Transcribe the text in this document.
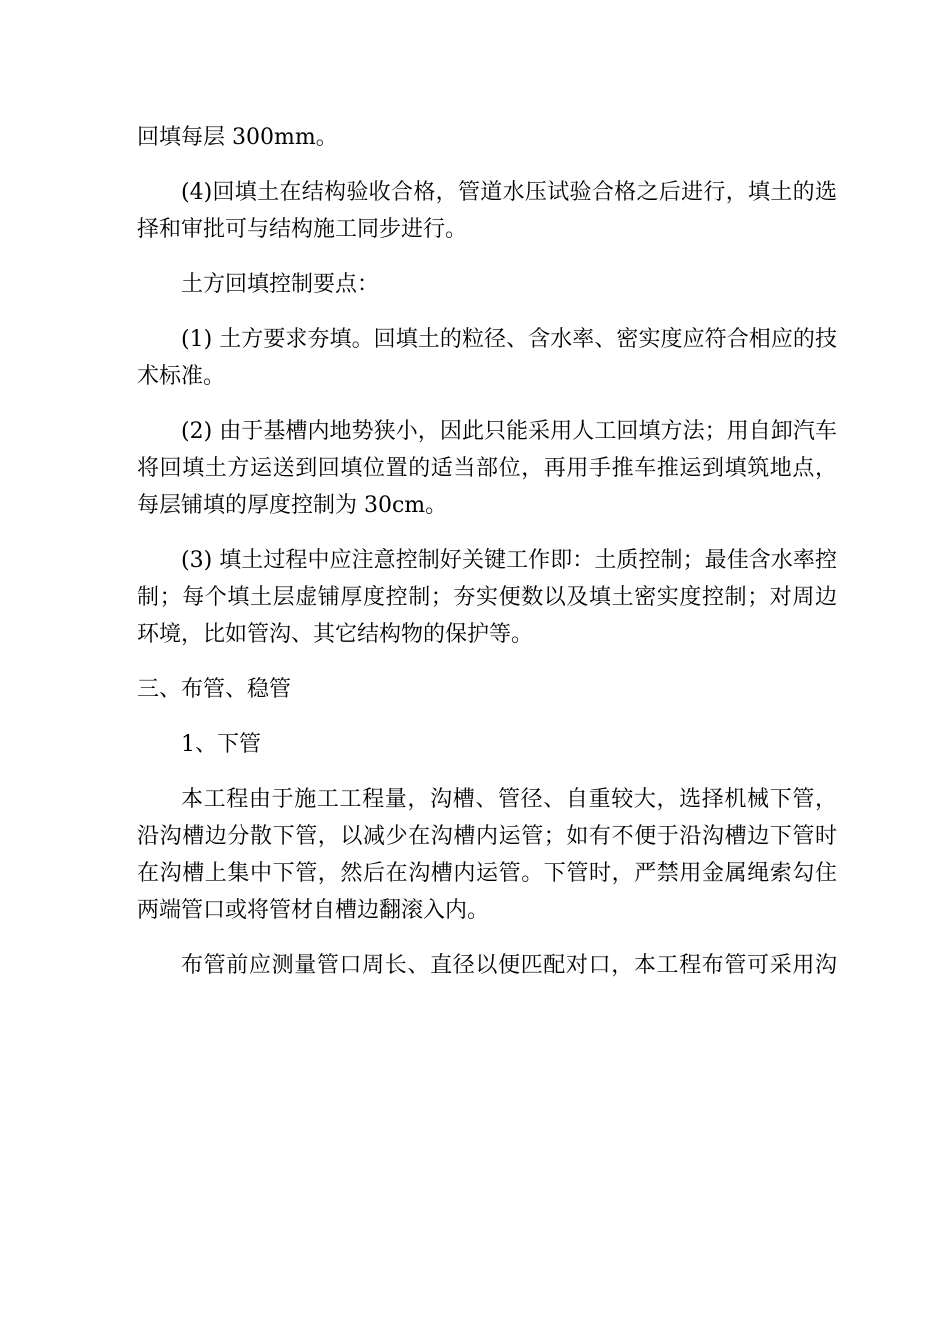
回填每层 300mm。
(4)回填土在结构验收合格，管道水压试验合格之后进行，填土的选
择和审批可与结构施工同步进行。
土方回填控制要点：
(1) 土方要求夯填。回填土的粒径、含水率、密实度应符合相应的技
术标准。
(2) 由于基槽内地势狭小，因此只能采用人工回填方法；用自卸汽车
将回填土方运送到回填位置的适当部位，再用手推车推运到填筑地点，
每层铺填的厚度控制为 30cm。
(3) 填土过程中应注意控制好关键工作即：土质控制；最佳含水率控
制；每个填土层虚铺厚度控制；夯实便数以及填土密实度控制；对周边
环境，比如管沟、其它结构物的保护等。
三、布管、稳管
1、下管
本工程由于施工工程量，沟槽、管径、自重较大，选择机械下管，
沿沟槽边分散下管，以减少在沟槽内运管；如有不便于沿沟槽边下管时
在沟槽上集中下管，然后在沟槽内运管。下管时，严禁用金属绳索勾住
两端管口或将管材自槽边翻滚入内。
布管前应测量管口周长、直径以便匹配对口，本工程布管可采用沟
